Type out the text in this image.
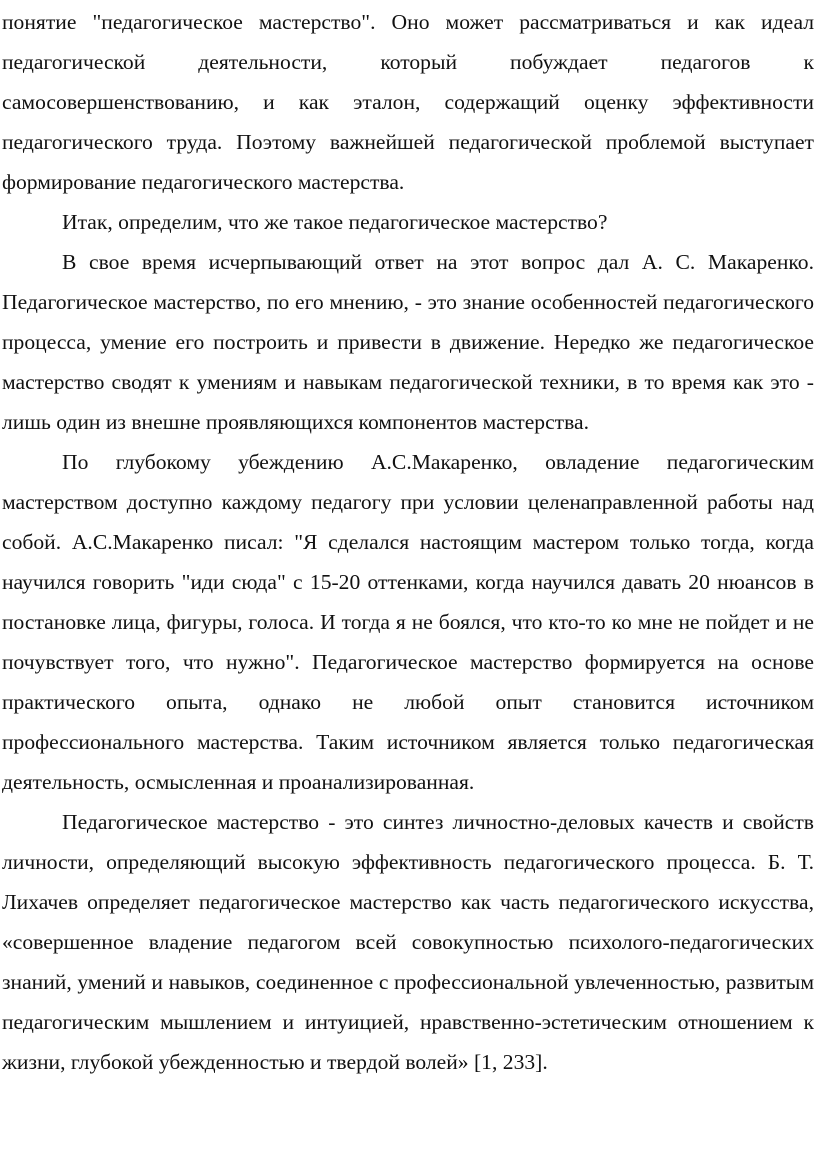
понятие "педагогическое мастерство". Оно может рассматриваться и как идеал педагогической деятельности, который побуждает педагогов к самосовершенствованию, и как эталон, содержащий оценку эффективности педагогического труда. Поэтому важнейшей педагогической проблемой выступает формирование педагогического мастерства.

Итак, определим, что же такое педагогическое мастерство?

В свое время исчерпывающий ответ на этот вопрос дал А. С. Макаренко. Педагогическое мастерство, по его мнению, - это знание особенностей педагогического процесса, умение его построить и привести в движение. Нередко же педагогическое мастерство сводят к умениям и навыкам педагогической техники, в то время как это - лишь один из внешне проявляющихся компонентов мастерства.

По глубокому убеждению А.С.Макаренко, овладение педагогическим мастерством доступно каждому педагогу при условии целенаправленной работы над собой. А.С.Макаренко писал: "Я сделался настоящим мастером только тогда, когда научился говорить "иди сюда" с 15-20 оттенками, когда научился давать 20 нюансов в постановке лица, фигуры, голоса. И тогда я не боялся, что кто-то ко мне не пойдет и не почувствует того, что нужно". Педагогическое мастерство формируется на основе практического опыта, однако не любой опыт становится источником профессионального мастерства. Таким источником является только педагогическая деятельность, осмысленная и проанализированная.

Педагогическое мастерство - это синтез личностно-деловых качеств и свойств личности, определяющий высокую эффективность педагогического процесса. Б. Т. Лихачев определяет педагогическое мастерство как часть педагогического искусства, «совершенное владение педагогом всей совокупностью психолого-педагогических знаний, умений и навыков, соединенное с профессиональной увлеченностью, развитым педагогическим мышлением и интуицией, нравственно-эстетическим отношением к жизни, глубокой убежденностью и твердой волей» [1, 233].
